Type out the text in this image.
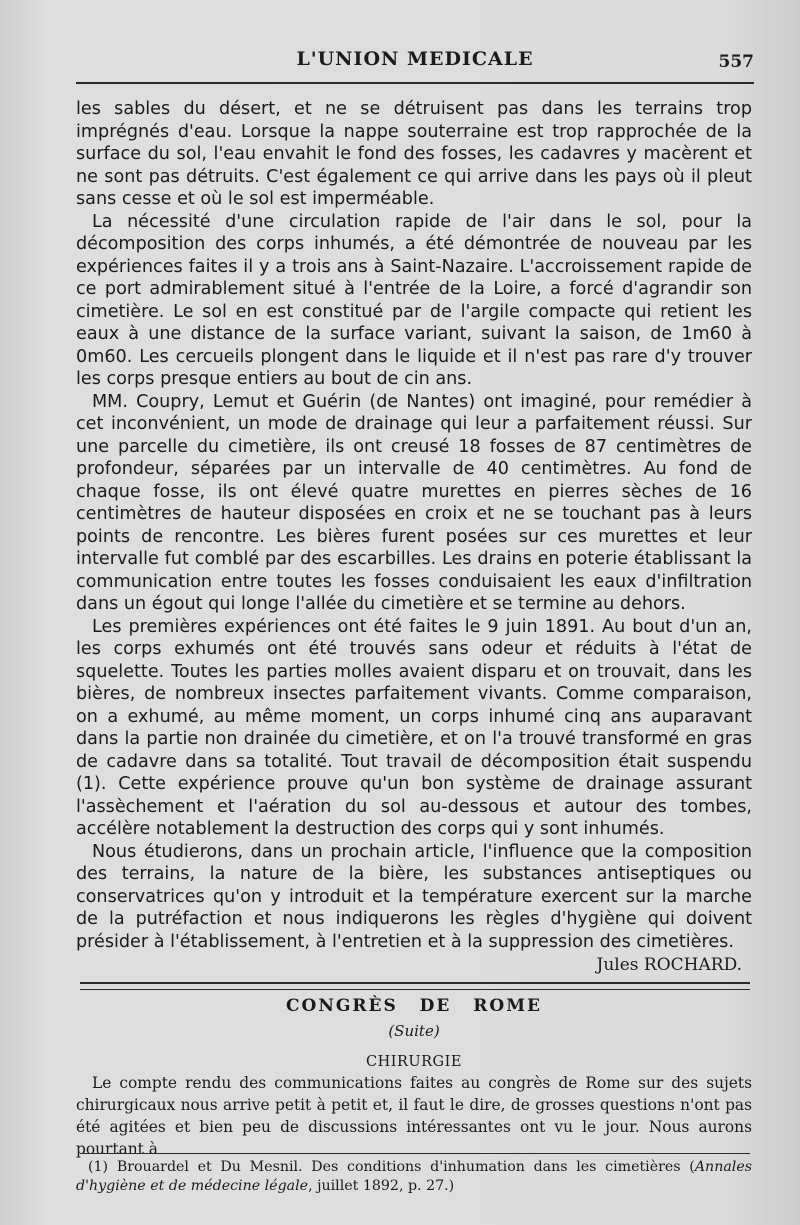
L'UNION MEDICALE	557

les sables du désert, et ne se détruisent pas dans les terrains trop imprégnés d'eau. Lorsque la nappe souterraine est trop rapprochée de la surface du sol, l'eau envahit le fond des fosses, les cadavres y macèrent et ne sont pas détruits. C'est également ce qui arrive dans les pays où il pleut sans cesse et où le sol est imperméable.

La nécessité d'une circulation rapide de l'air dans le sol, pour la décomposition des corps inhumés, a été démontrée de nouveau par les expériences faites il y a trois ans à Saint-Nazaire. L'accroissement rapide de ce port admirablement situé à l'entrée de la Loire, a forcé d'agrandir son cimetière. Le sol en est constitué par de l'argile compacte qui retient les eaux à une distance de la surface variant, suivant la saison, de 1m60 à 0m60. Les cercueils plongent dans le liquide et il n'est pas rare d'y trouver les corps presque entiers au bout de cin ans.

MM. Coupry, Lemut et Guérin (de Nantes) ont imaginé, pour remédier à cet inconvénient, un mode de drainage qui leur a parfaitement réussi. Sur une parcelle du cimetière, ils ont creusé 18 fosses de 87 centimètres de profondeur, séparées par un intervalle de 40 centimètres. Au fond de chaque fosse, ils ont élevé quatre murettes en pierres sèches de 16 centimètres de hauteur disposées en croix et ne se touchant pas à leurs points de rencontre. Les bières furent posées sur ces murettes et leur intervalle fut comblé par des escarbilles. Les drains en poterie établissant la communication entre toutes les fosses conduisaient les eaux d'infiltration dans un égout qui longe l'allée du cimetière et se termine au dehors.

Les premières expériences ont été faites le 9 juin 1891. Au bout d'un an, les corps exhumés ont été trouvés sans odeur et réduits à l'état de squelette. Toutes les parties molles avaient disparu et on trouvait, dans les bières, de nombreux insectes parfaitement vivants. Comme comparaison, on a exhumé, au même moment, un corps inhumé cinq ans auparavant dans la partie non drainée du cimetière, et on l'a trouvé transformé en gras de cadavre dans sa totalité. Tout travail de décomposition était suspendu (1). Cette expérience prouve qu'un bon système de drainage assurant l'assèchement et l'aération du sol au-dessous et autour des tombes, accélère notablement la destruction des corps qui y sont inhumés.

Nous étudierons, dans un prochain article, l'influence que la composition des terrains, la nature de la bière, les substances antiseptiques ou conservatrices qu'on y introduit et la température exercent sur la marche de la putréfaction et nous indiquerons les règles d'hygiène qui doivent présider à l'établissement, à l'entretien et à la suppression des cimetières.

Jules ROCHARD.
CONGRÈS DE ROME
(Suite)
CHIRURGIE

Le compte rendu des communications faites au congrès de Rome sur des sujets chirurgicaux nous arrive petit à petit et, il faut le dire, de grosses questions n'ont pas été agitées et bien peu de discussions intéressantes ont vu le jour. Nous aurons pourtant à

(1) Brouardel et Du Mesnil. Des conditions d'inhumation dans les cimetières (Annales d'hygiène et de médecine légale, juillet 1892, p. 27.)
